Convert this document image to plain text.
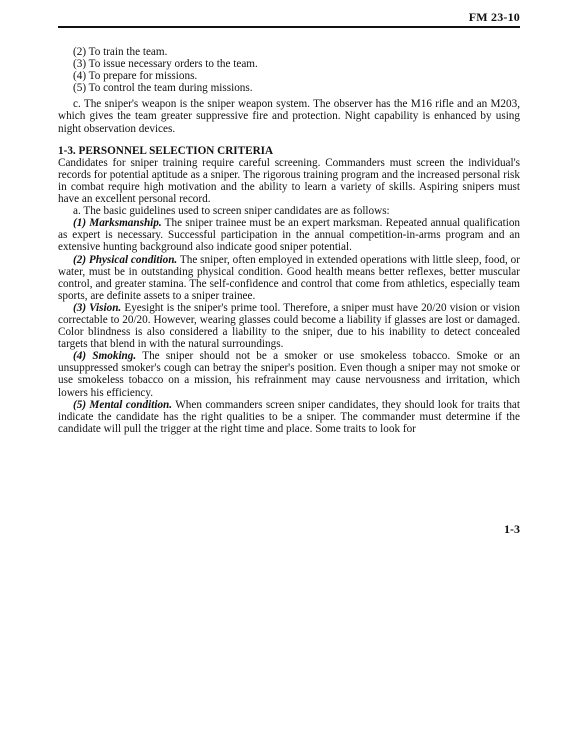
FM 23-10

(2) To train the team.

(3) To issue necessary orders to the team.

(4) To prepare for missions.

(5) To control the team during missions.

c. The sniper's weapon is the sniper weapon system. The observer has the M16 rifle and an M203, which gives the team greater suppressive fire and protection. Night capability is enhanced by using night observation devices.

1-3. PERSONNEL SELECTION CRITERIA

Candidates for sniper training require careful screening. Commanders must screen the individual's records for potential aptitude as a sniper. The rigorous training program and the increased personal risk in combat require high motivation and the ability to learn a variety of skills. Aspiring snipers must have an excellent personal record.

a. The basic guidelines used to screen sniper candidates are as follows:

(1) Marksmanship. The sniper trainee must be an expert marksman. Repeated annual qualification as expert is necessary. Successful participation in the annual competition-in-arms program and an extensive hunting background also indicate good sniper potential.

(2) Physical condition. The sniper, often employed in extended operations with little sleep, food, or water, must be in outstanding physical condition. Good health means better reflexes, better muscular control, and greater stamina. The self-confidence and control that come from athletics, especially team sports, are definite assets to a sniper trainee.

(3) Vision. Eyesight is the sniper's prime tool. Therefore, a sniper must have 20/20 vision or vision correctable to 20/20. However, wearing glasses could become a liability if glasses are lost or damaged. Color blindness is also considered a liability to the sniper, due to his inability to detect concealed targets that blend in with the natural surroundings.

(4) Smoking. The sniper should not be a smoker or use smokeless tobacco. Smoke or an unsuppressed smoker's cough can betray the sniper's position. Even though a sniper may not smoke or use smokeless tobacco on a mission, his refrainment may cause nervousness and irritation, which lowers his efficiency.

(5) Mental condition. When commanders screen sniper candidates, they should look for traits that indicate the candidate has the right qualities to be a sniper. The commander must determine if the candidate will pull the trigger at the right time and place. Some traits to look for

1-3
